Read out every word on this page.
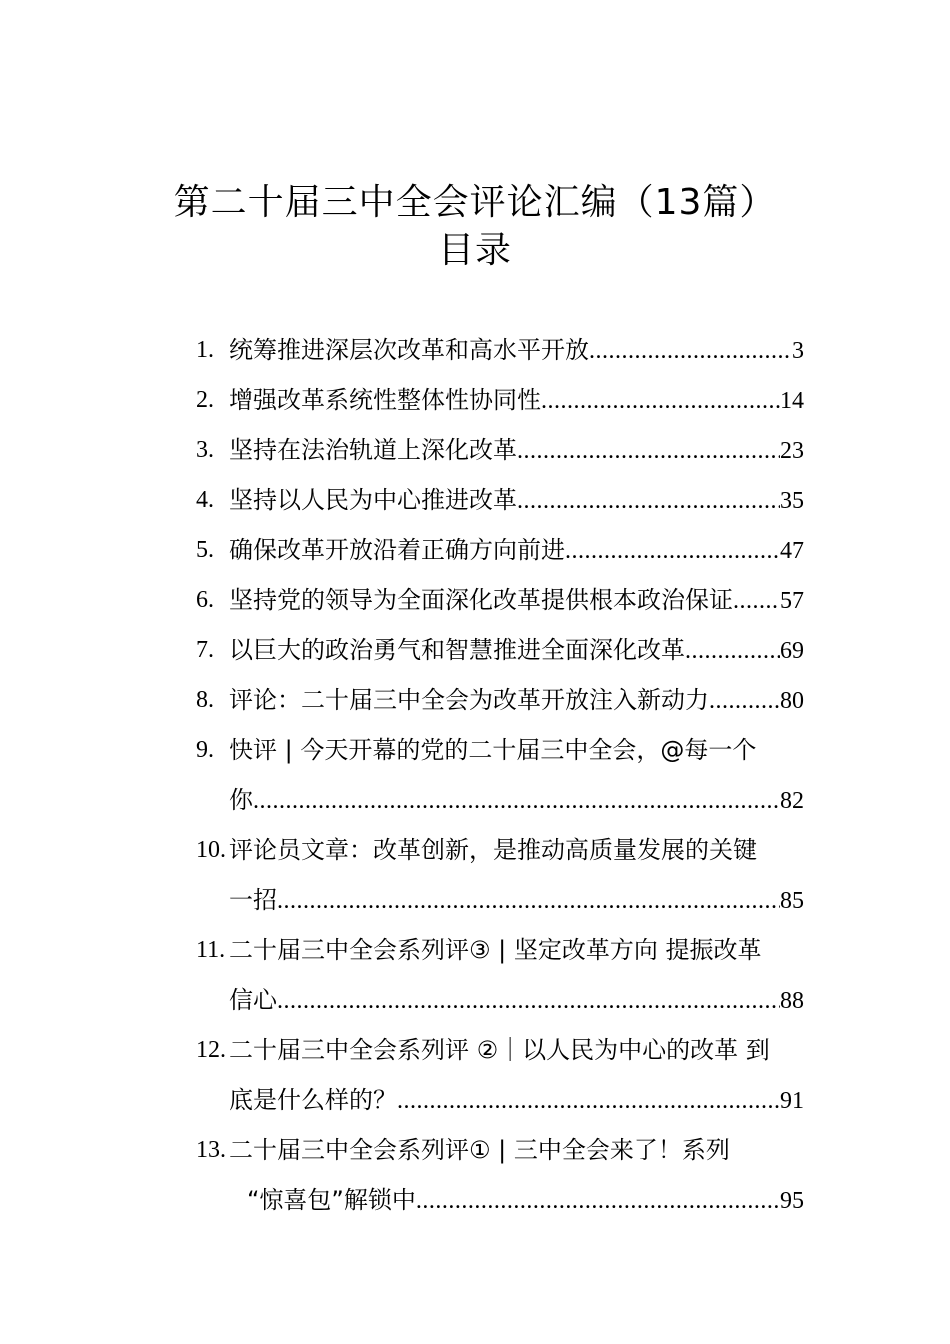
第二十届三中全会评论汇编（13篇）
目录
1. 统筹推进深层次改革和高水平开放 .....	3
2. 增强改革系统性整体性协同性 .....	14
3. 坚持在法治轨道上深化改革 .....	23
4. 坚持以人民为中心推进改革 .....	35
5. 确保改革开放沿着正确方向前进 .....	47
6. 坚持党的领导为全面深化改革提供根本政治保证 ..... 57
7. 以巨大的政治勇气和智慧推进全面深化改革 .....	69
8. 评论：二十届三中全会为改革开放注入新动力 .....	80
9. 快评 | 今天开幕的党的二十届三中全会，@每一个
你 .....	82
10. 评论员文章：改革创新，是推动高质量发展的关键
一招 .....	85
11. 二十届三中全会系列评③ | 坚定改革方向 提振改革
信心 .....	88
12. 二十届三中全会系列评 ②｜以人民为中心的改革 到
底是什么样的？ .....	91
13. 二十届三中全会系列评① | 三中全会来了！系列
“惊喜包”解锁中 .....	95
